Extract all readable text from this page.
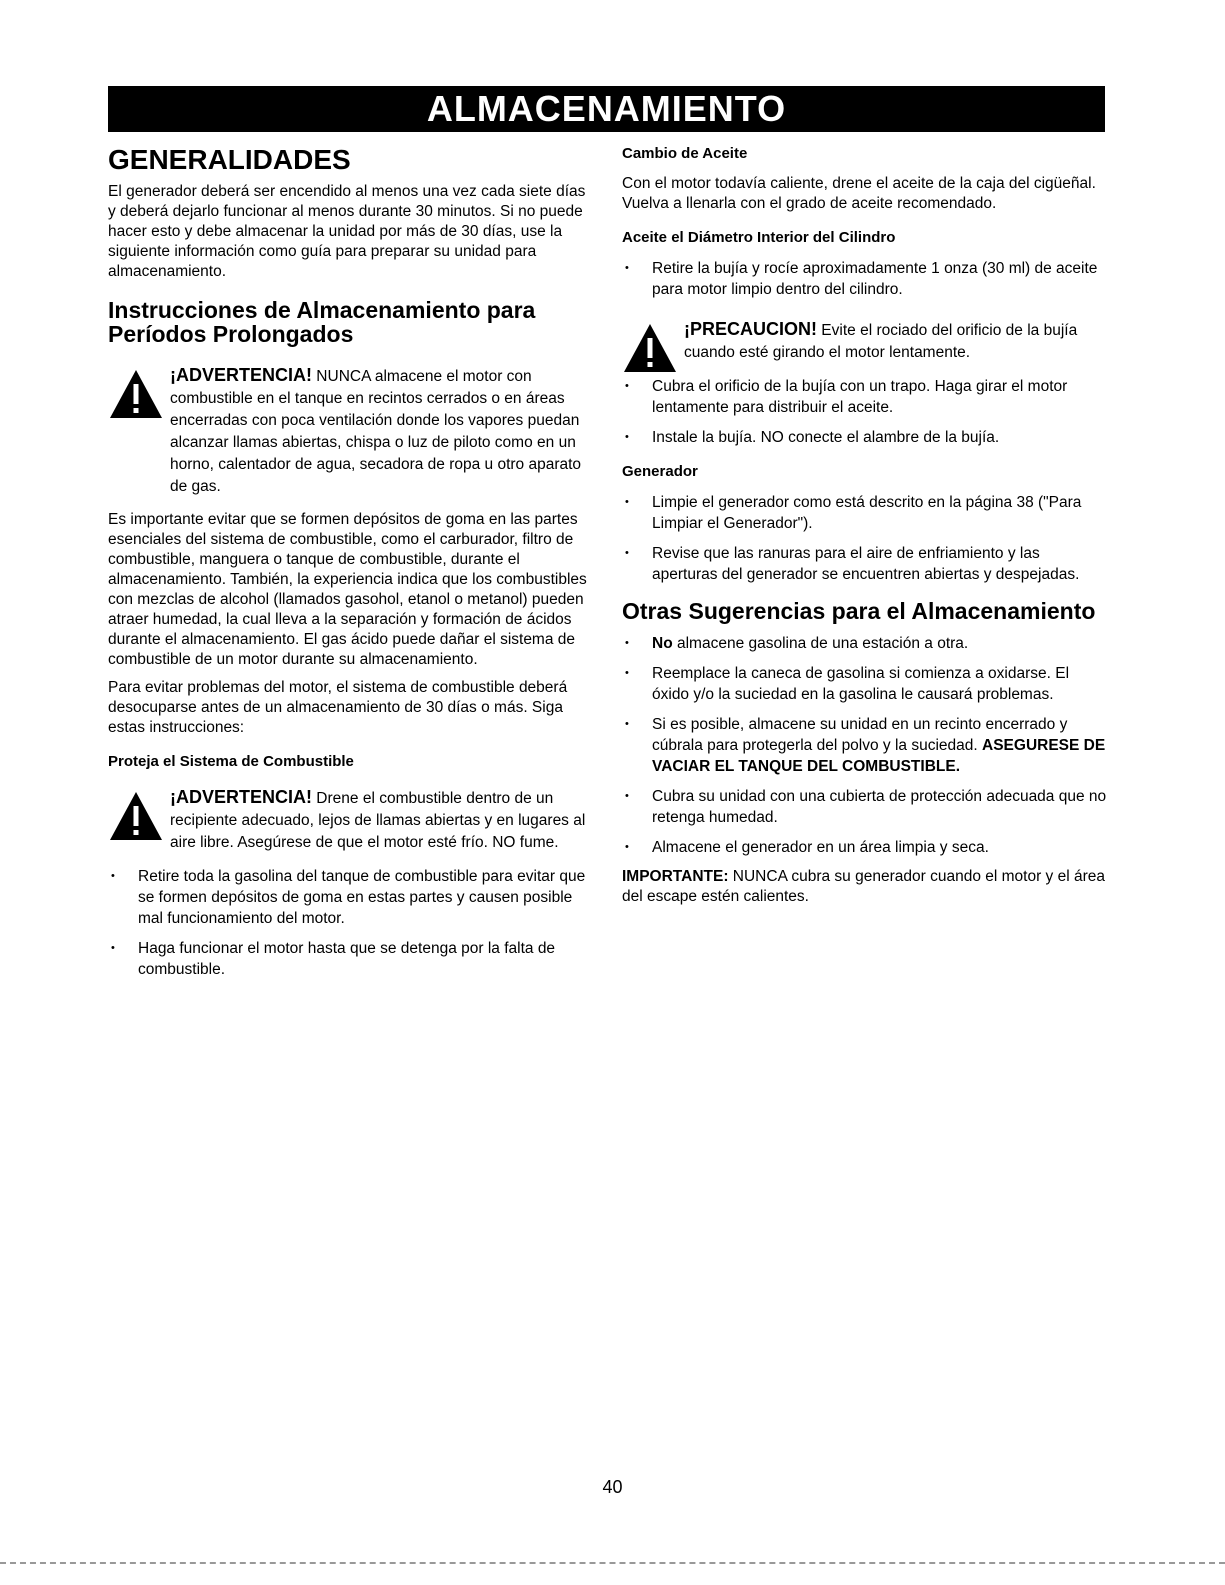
ALMACENAMIENTO
GENERALIDADES

El generador deberá ser encendido al menos una vez cada siete días y deberá dejarlo funcionar al menos durante 30 minutos. Si no puede hacer esto y debe almacenar la unidad por más de 30 días, use la siguiente información como guía para preparar su unidad para almacenamiento.

Instrucciones de Almacenamiento para Períodos Prolongados
¡ADVERTENCIA! NUNCA almacene el motor con combustible en el tanque en recintos cerrados o en áreas encerradas con poca ventilación donde los vapores puedan alcanzar llamas abiertas, chispa o luz de piloto como en un horno, calentador de agua, secadora de ropa u otro aparato de gas.

Es importante evitar que se formen depósitos de goma en las partes esenciales del sistema de combustible, como el carburador, filtro de combustible, manguera o tanque de combustible, durante el almacenamiento. También, la experiencia indica que los combustibles con mezclas de alcohol (llamados gasohol, etanol o metanol) pueden atraer humedad, la cual lleva a la separación y formación de ácidos durante el almacenamiento. El gas ácido puede dañar el sistema de combustible de un motor durante su almacenamiento.

Para evitar problemas del motor, el sistema de combustible deberá desocuparse antes de un almacenamiento de 30 días o más. Siga estas instrucciones:

Proteja el Sistema de Combustible
¡ADVERTENCIA! Drene el combustible dentro de un recipiente adecuado, lejos de llamas abiertas y en lugares al aire libre. Asegúrese de que el motor esté frío. NO fume.
• Retire toda la gasolina del tanque de combustible para evitar que se formen depósitos de goma en estas partes y causen posible mal funcionamiento del motor.
• Haga funcionar el motor hasta que se detenga por la falta de combustible.
Cambio de Aceite

Con el motor todavía caliente, drene el aceite de la caja del cigüeñal. Vuelva a llenarla con el grado de aceite recomendado.

Aceite el Diámetro Interior del Cilindro
• Retire la bujía y rocíe aproximadamente 1 onza (30 ml) de aceite para motor limpio dentro del cilindro.
¡PRECAUCION! Evite el rociado del orificio de la bujía cuando esté girando el motor lentamente.
• Cubra el orificio de la bujía con un trapo. Haga girar el motor lentamente para distribuir el aceite.
• Instale la bujía. NO conecte el alambre de la bujía.
Generador
• Limpie el generador como está descrito en la página 38 ("Para Limpiar el Generador").
• Revise que las ranuras para el aire de enfriamiento y las aperturas del generador se encuentren abiertas y despejadas.
Otras Sugerencias para el Almacenamiento
• No almacene gasolina de una estación a otra.
• Reemplace la caneca de gasolina si comienza a oxidarse. El óxido y/o la suciedad en la gasolina le causará problemas.
• Si es posible, almacene su unidad en un recinto encerrado y cúbrala para protegerla del polvo y la suciedad. ASEGURESE DE VACIAR EL TANQUE DEL COMBUSTIBLE.
• Cubra su unidad con una cubierta de protección adecuada que no retenga humedad.
• Almacene el generador en un área limpia y seca.

IMPORTANTE: NUNCA cubra su generador cuando el motor y el área del escape estén calientes.

40
